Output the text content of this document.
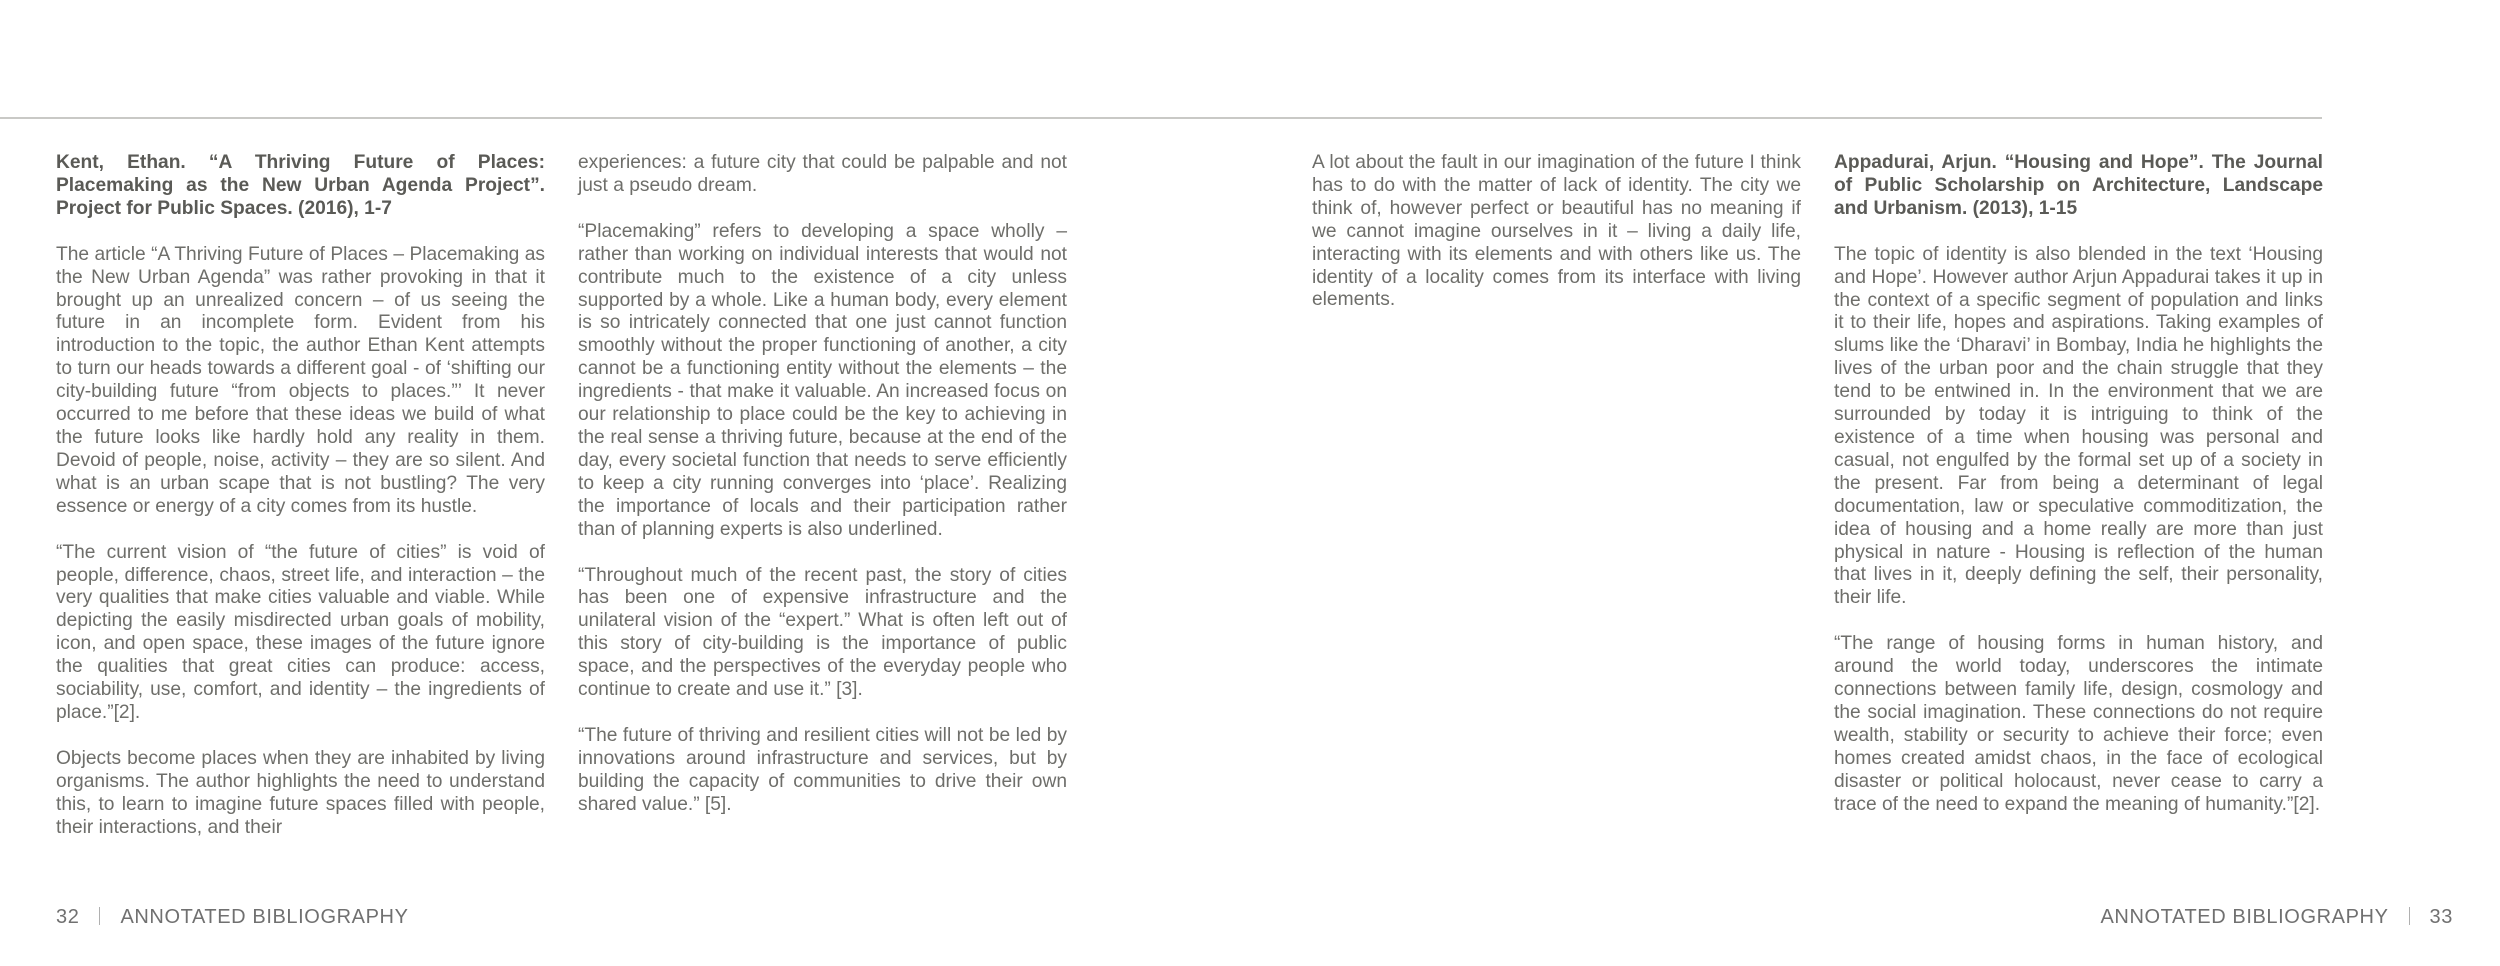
Kent, Ethan. “A Thriving Future of Places: Placemaking as the New Urban Agenda Project”. Project for Public Spaces. (2016), 1-7

The article “A Thriving Future of Places – Placemaking as the New Urban Agenda” was rather provoking in that it brought up an unrealized concern – of us seeing the future in an incomplete form. Evident from his introduction to the topic, the author Ethan Kent attempts to turn our heads towards a different goal - of ‘shifting our city-building future “from objects to places.”’ It never occurred to me before that these ideas we build of what the future looks like hardly hold any reality in them. Devoid of people, noise, activity – they are so silent. And what is an urban scape that is not bustling? The very essence or energy of a city comes from its hustle.

“The current vision of “the future of cities” is void of people, difference, chaos, street life, and interaction – the very qualities that make cities valuable and viable. While depicting the easily misdirected urban goals of mobility, icon, and open space, these images of the future ignore the qualities that great cities can produce: access, sociability, use, comfort, and identity – the ingredients of place.”[2].

Objects become places when they are inhabited by living organisms. The author highlights the need to understand this, to learn to imagine future spaces filled with people, their interactions, and their

experiences: a future city that could be palpable and not just a pseudo dream.

“Placemaking” refers to developing a space wholly – rather than working on individual interests that would not contribute much to the existence of a city unless supported by a whole. Like a human body, every element is so intricately connected that one just cannot function smoothly without the proper functioning of another, a city cannot be a functioning entity without the elements – the ingredients - that make it valuable. An increased focus on our relationship to place could be the key to achieving in the real sense a thriving future, because at the end of the day, every societal function that needs to serve efficiently to keep a city running converges into ‘place’. Realizing the importance of locals and their participation rather than of planning experts is also underlined.

“Throughout much of the recent past, the story of cities has been one of expensive infrastructure and the unilateral vision of the “expert.” What is often left out of this story of city-building is the importance of public space, and the perspectives of the everyday people who continue to create and use it.” [3].

“The future of thriving and resilient cities will not be led by innovations around infrastructure and services, but by building the capacity of communities to drive their own shared value.” [5].

A lot about the fault in our imagination of the future I think has to do with the matter of lack of identity. The city we think of, however perfect or beautiful has no meaning if we cannot imagine ourselves in it – living a daily life, interacting with its elements and with others like us. The identity of a locality comes from its interface with living elements.

Appadurai, Arjun. “Housing and Hope”. The Journal of Public Scholarship on Architecture, Landscape and Urbanism. (2013), 1-15

The topic of identity is also blended in the text ‘Housing and Hope’. However author Arjun Appadurai takes it up in the context of a specific segment of population and links it to their life, hopes and aspirations. Taking examples of slums like the ‘Dharavi’ in Bombay, India he highlights the lives of the urban poor and the chain struggle that they tend to be entwined in. In the environment that we are surrounded by today it is intriguing to think of the existence of a time when housing was personal and casual, not engulfed by the formal set up of a society in the present. Far from being a determinant of legal documentation, law or speculative commoditization, the idea of housing and a home really are more than just physical in nature - Housing is reflection of the human that lives in it, deeply defining the self, their personality, their life.

“The range of housing forms in human history, and around the world today, underscores the intimate connections between family life, design, cosmology and the social imagination. These connections do not require wealth, stability or security to achieve their force; even homes created amidst chaos, in the face of ecological disaster or political holocaust, never cease to carry a trace of the need to expand the meaning of humanity.”[2].

32 ANNOTATED BIBLIOGRAPHY	ANNOTATED BIBLIOGRAPHY 33
